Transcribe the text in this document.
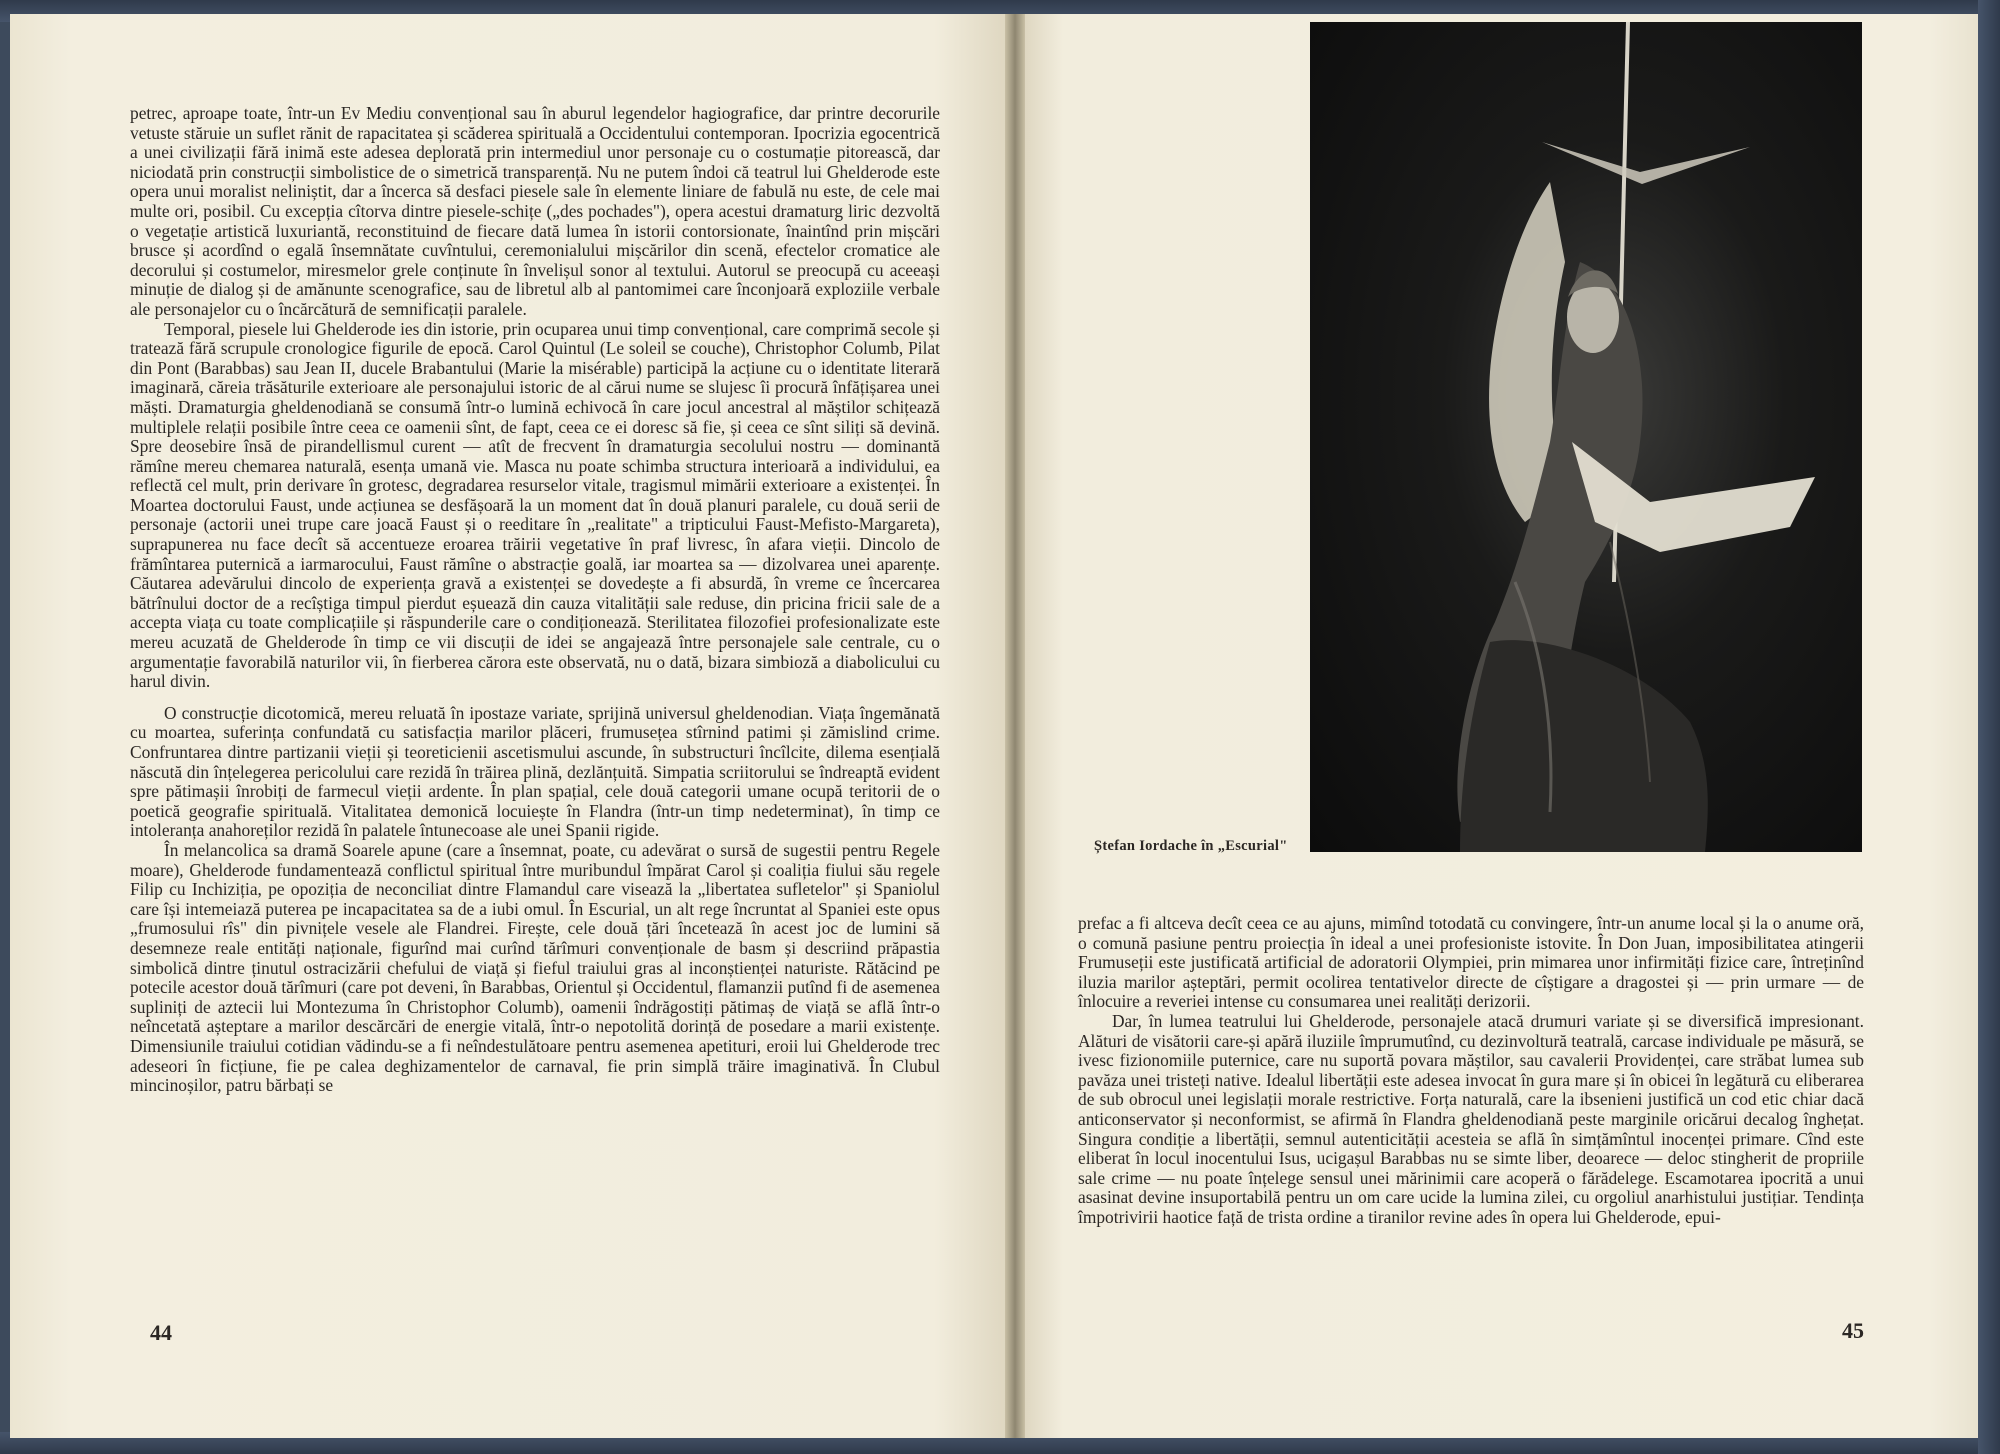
petrec, aproape toate, într-un Ev Mediu convențional sau în aburul legendelor hagiografice, dar printre decorurile vetuste stăruie un suflet rănit de rapacitatea și scăderea spirituală a Occidentului contemporan. Ipocrizia egocentrică a unei civilizații fără inimă este adesea deplorată prin intermediul unor personaje cu o costumație pitorească, dar niciodată prin construcții simbolistice de o simetrică transparență. Nu ne putem îndoi că teatrul lui Ghelderode este opera unui moralist neliniștit, dar a încerca să desfaci piesele sale în elemente liniare de fabulă nu este, de cele mai multe ori, posibil. Cu excepția cîtorva dintre piesele-schițe („des pochades"), opera acestui dramaturg liric dezvoltă o vegetație artistică luxuriantă, reconstituind de fiecare dată lumea în istorii contorsionate, înaintînd prin mișcări brusce și acordînd o egală însemnătate cuvîntului, ceremonialului mișcărilor din scenă, efectelor cromatice ale decorului și costumelor, miresmelor grele conținute în învelișul sonor al textului. Autorul se preocupă cu aceeași minuție de dialog și de amănunte scenografice, sau de libretul alb al pantomimei care înconjoară exploziile verbale ale personajelor cu o încărcătură de semnificații paralele.

Temporal, piesele lui Ghelderode ies din istorie, prin ocuparea unui timp convențional, care comprimă secole și tratează fără scrupule cronologice figurile de epocă. Carol Quintul (Le soleil se couche), Christophor Columb, Pilat din Pont (Barabbas) sau Jean II, ducele Brabantului (Marie la misérable) participă la acțiune cu o identitate literară imaginară, căreia trăsăturile exterioare ale personajului istoric de al cărui nume se slujesc îi procură înfățișarea unei măști. Dramaturgia gheldenodiană se consumă într-o lumină echivocă în care jocul ancestral al măștilor schițează multiplele relații posibile între ceea ce oamenii sînt, de fapt, ceea ce ei doresc să fie, și ceea ce sînt siliți să devină. Spre deosebire însă de pirandellismul curent — atît de frecvent în dramaturgia secolului nostru — dominantă rămîne mereu chemarea naturală, esența umană vie. Masca nu poate schimba structura interioară a individului, ea reflectă cel mult, prin derivare în grotesc, degradarea resurselor vitale, tragismul mimării exterioare a existenței. În Moartea doctorului Faust, unde acțiunea se desfășoară la un moment dat în două planuri paralele, cu două serii de personaje (actorii unei trupe care joacă Faust și o reeditare în „realitate" a tripticului Faust-Mefisto-Margareta), suprapunerea nu face decît să accentueze eroarea trăirii vegetative în praf livresc, în afara vieții. Dincolo de frămîntarea puternică a iarmarocului, Faust rămîne o abstracție goală, iar moartea sa — dizolvarea unei aparențe. Căutarea adevărului dincolo de experiența gravă a existenței se dovedește a fi absurdă, în vreme ce încercarea bătrînului doctor de a recîștiga timpul pierdut eșuează din cauza vitalității sale reduse, din pricina fricii sale de a accepta viața cu toate complicațiile și răspunderile care o condiționează. Sterilitatea filozofiei profesionalizate este mereu acuzată de Ghelderode în timp ce vii discuții de idei se angajează între personajele sale centrale, cu o argumentație favorabilă naturilor vii, în fierberea cărora este observată, nu o dată, bizara simbioză a diabolicului cu harul divin.

O construcție dicotomică, mereu reluată în ipostaze variate, sprijină universul gheldenodian. Viața îngemănată cu moartea, suferința confundată cu satisfacția marilor plăceri, frumusețea stîrnind patimi și zămislind crime. Confruntarea dintre partizanii vieții și teoreticienii ascetismului ascunde, în substructuri încîlcite, dilema esențială născută din înțelegerea pericolului care rezidă în trăirea plină, dezlănțuită. Simpatia scriitorului se îndreaptă evident spre pătimașii înrobiți de farmecul vieții ardente. În plan spațial, cele două categorii umane ocupă teritorii de o poetică geografie spirituală. Vitalitatea demonică locuiește în Flandra (într-un timp nedeterminat), în timp ce intoleranța anahoreților rezidă în palatele întunecoase ale unei Spanii rigide.

În melancolica sa dramă Soarele apune (care a însemnat, poate, cu adevărat o sursă de sugestii pentru Regele moare), Ghelderode fundamentează conflictul spiritual între muribundul împărat Carol și coaliția fiului său regele Filip cu Inchiziția, pe opoziția de neconciliat dintre Flamandul care visează la „libertatea sufletelor" și Spaniolul care își intemeiază puterea pe incapacitatea sa de a iubi omul. În Escurial, un alt rege încruntat al Spaniei este opus „frumosului rîs" din pivnițele vesele ale Flandrei. Firește, cele două țări încetează în acest joc de lumini să desemneze reale entități naționale, figurînd mai curînd tărîmuri convenționale de basm și descriind prăpastia simbolică dintre ținutul ostracizării chefului de viață și fieful traiului gras al inconștienței naturiste. Rătăcind pe potecile acestor două tărîmuri (care pot deveni, în Barabbas, Orientul și Occidentul, flamanzii putînd fi de asemenea supliniți de aztecii lui Montezuma în Christophor Columb), oamenii îndrăgostiți pătimaș de viață se află într-o neîncetată așteptare a marilor descărcări de energie vitală, într-o nepotolită dorință de posedare a marii existențe. Dimensiunile traiului cotidian vădindu-se a fi neîndestulătoare pentru asemenea apetituri, eroii lui Ghelderode trec adeseori în ficțiune, fie pe calea deghizamentelor de carnaval, fie prin simplă trăire imaginativă. În Clubul mincinoșilor, patru bărbați se

44
Ștefan Iordache în „Escurial"

prefac a fi altceva decît ceea ce au ajuns, mimînd totodată cu convingere, într-un anume local și la o anume oră, o comună pasiune pentru proiecția în ideal a unei profesioniste istovite. În Don Juan, imposibilitatea atingerii Frumuseții este justificată artificial de adoratorii Olympiei, prin mimarea unor infirmități fizice care, întreținînd iluzia marilor așteptări, permit ocolirea tentativelor directe de cîștigare a dragostei și — prin urmare — de înlocuire a reveriei intense cu consumarea unei realități derizorii.

Dar, în lumea teatrului lui Ghelderode, personajele atacă drumuri variate și se diversifică impresionant. Alături de visătorii care-și apără iluziile împrumutînd, cu dezinvoltură teatrală, carcase individuale pe măsură, se ivesc fizionomiile puternice, care nu suportă povara măștilor, sau cavalerii Providenței, care străbat lumea sub pavăza unei tristeți native. Idealul libertății este adesea invocat în gura mare și în obicei în legătură cu eliberarea de sub obrocul unei legislații morale restrictive. Forța naturală, care la ibsenieni justifică un cod etic chiar dacă anticonservator și neconformist, se afirmă în Flandra gheldenodiană peste marginile oricărui decalog înghețat. Singura condiție a libertății, semnul autenticității acesteia se află în simțămîntul inocenței primare. Cînd este eliberat în locul inocentului Isus, ucigașul Barabbas nu se simte liber, deoarece — deloc stingherit de propriile sale crime — nu poate înțelege sensul unei mărinimii care acoperă o fărădelege. Escamotarea ipocrită a unui asasinat devine insuportabilă pentru un om care ucide la lumina zilei, cu orgoliul anarhistului justițiar. Tendința împotrivirii haotice față de trista ordine a tiranilor revine ades în opera lui Ghelderode, epui-

45
